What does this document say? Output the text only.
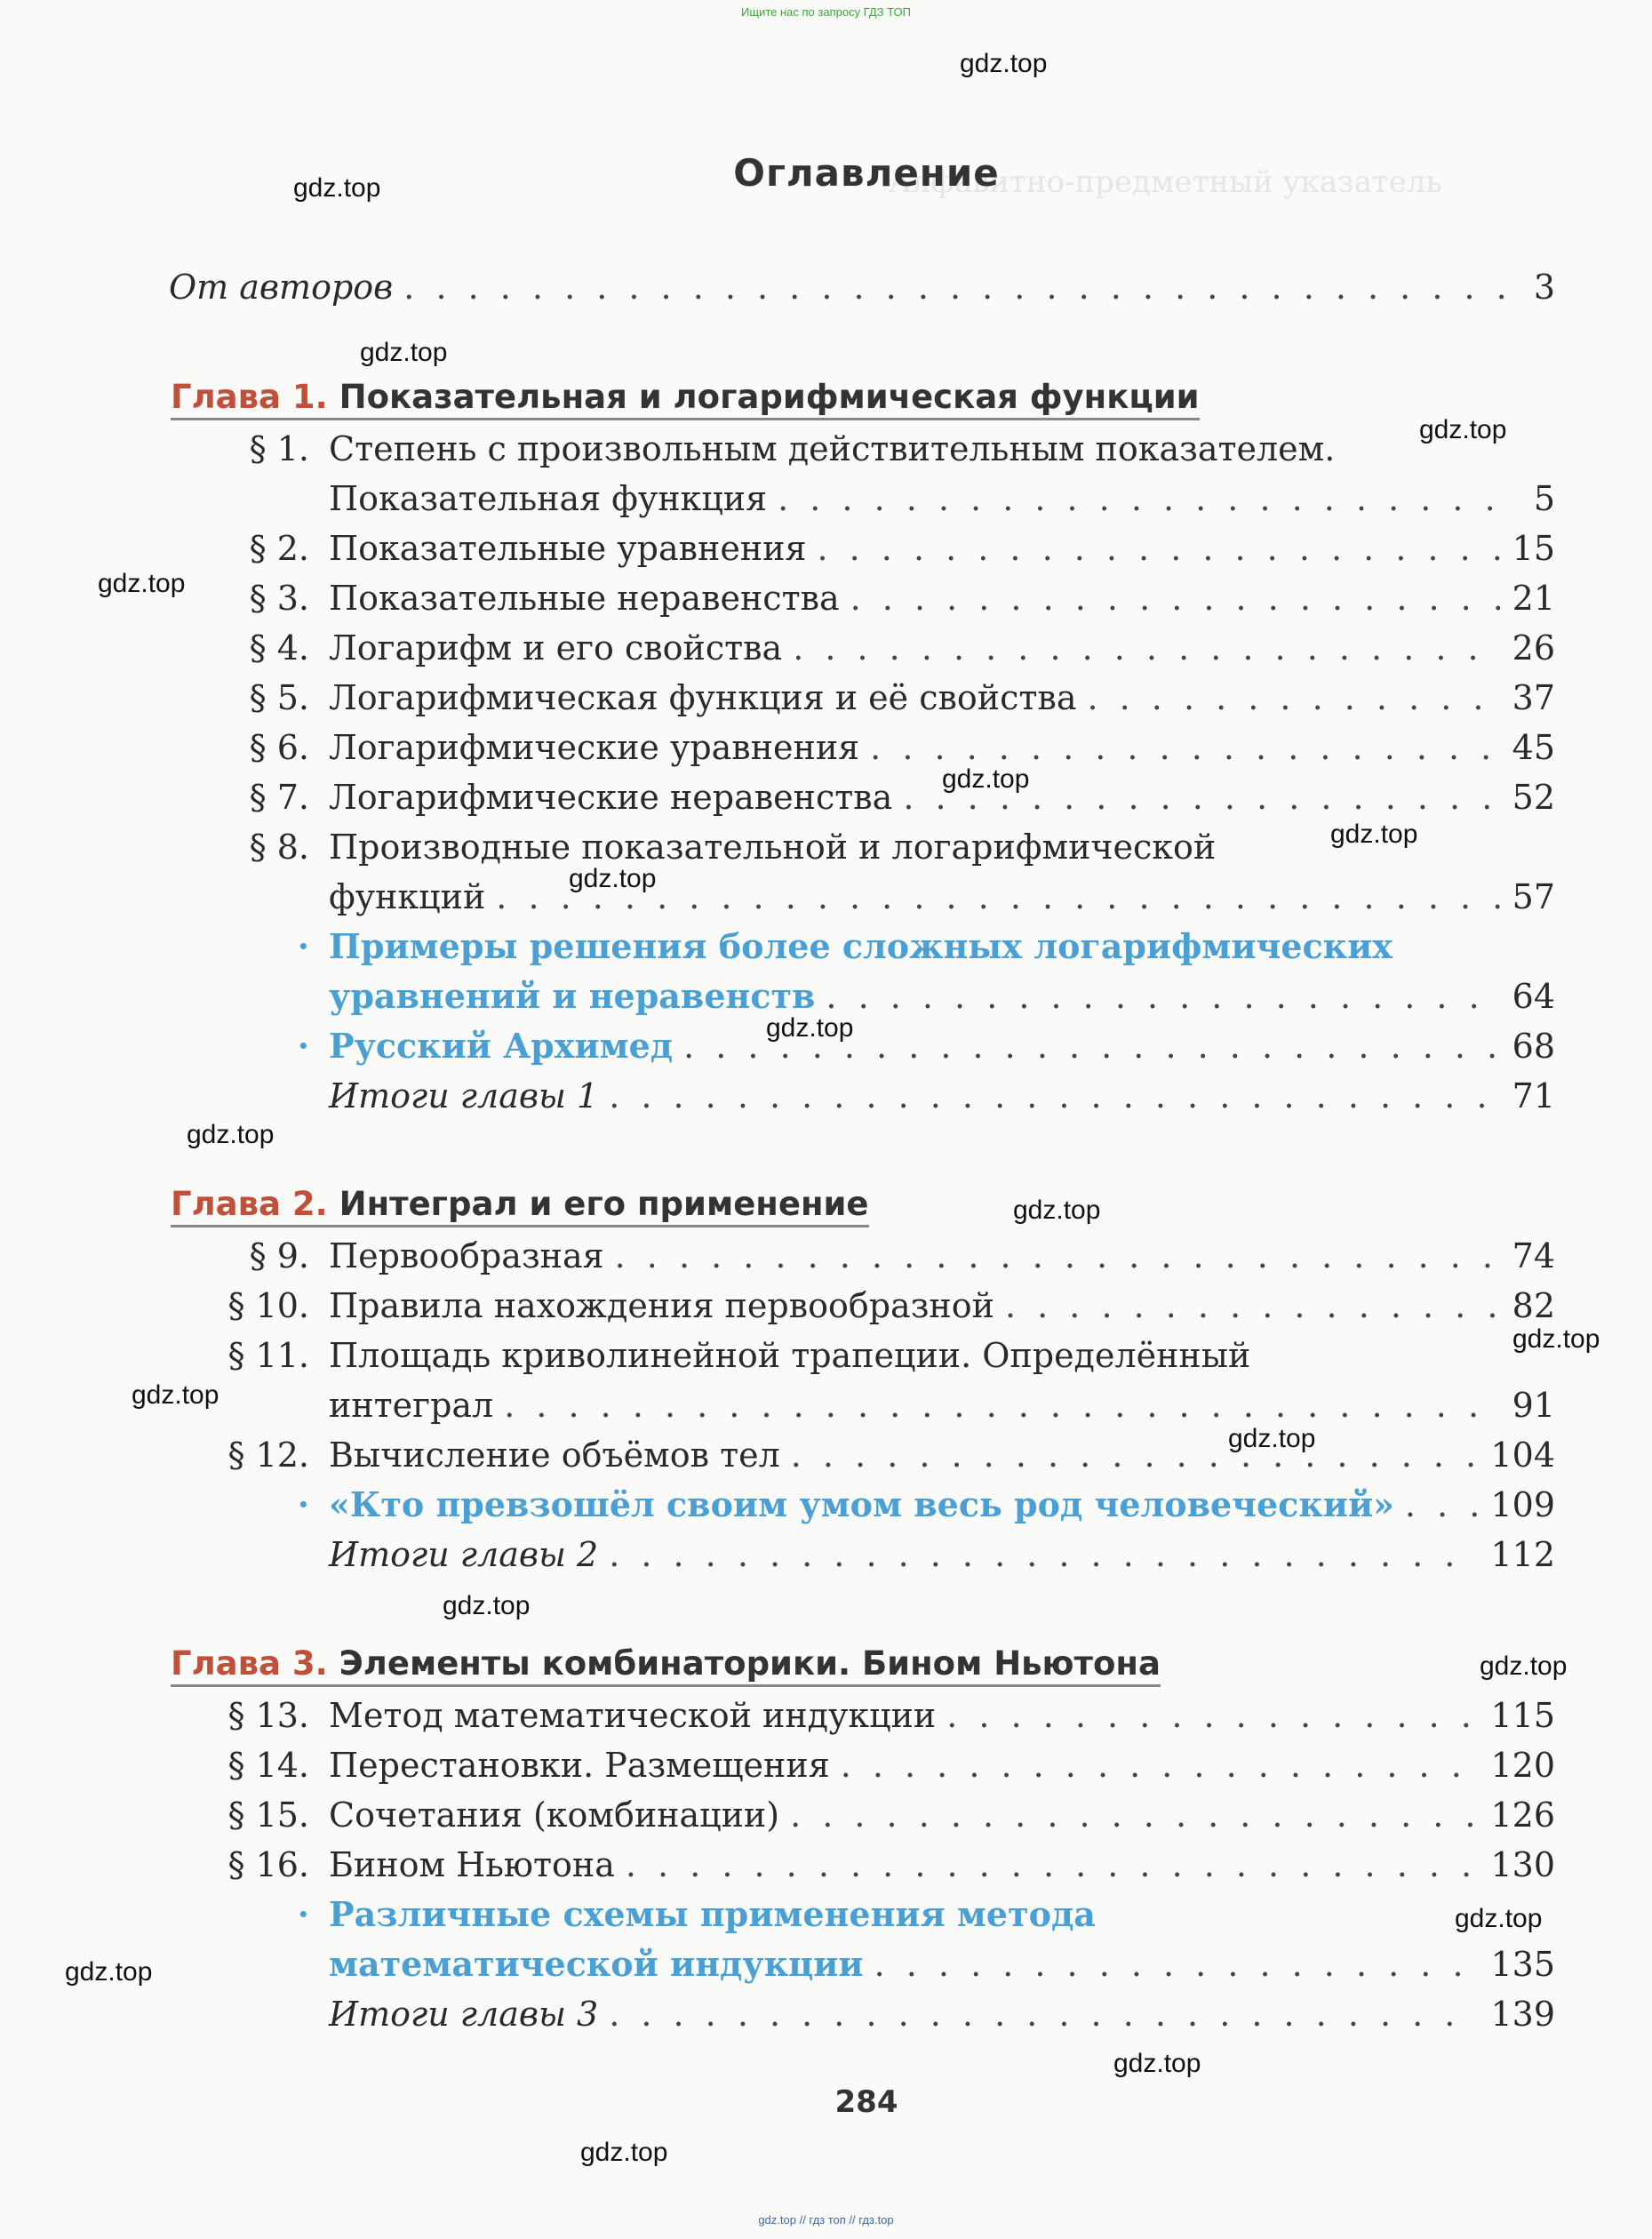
Алфавитно-предметный указатель
Ищите нас по запросу ГДЗ ТОП
gdz.top
gdz.top
gdz.top
gdz.top
gdz.top
gdz.top
gdz.top
gdz.top
gdz.top
gdz.top
gdz.top
gdz.top
gdz.top
gdz.top
gdz.top
gdz.top
gdz.top
gdz.top
gdz.top
gdz.top
Оглавление
От авторов . . .	3
Глава 1. Показательная и логарифмическая функции
§ 1. Степень с произвольным действительным показателем.
Показательная функция . . .	5
§ 2. Показательные уравнения . . .	15
§ 3. Показательные неравенства . . .	21
§ 4. Логарифм и его свойства . . .	26
§ 5. Логарифмическая функция и её свойства . . .	37
§ 6. Логарифмические уравнения . . .	45
§ 7. Логарифмические неравенства . . .	52
§ 8. Производные показательной и логарифмической
функций . . .	57
· Примеры решения более сложных логарифмических
уравнений и неравенств . . .	64
· Русский Архимед . . .	68
Итоги главы 1 . . .	71
Глава 2. Интеграл и его применение
§ 9. Первообразная . . .	74
§ 10. Правила нахождения первообразной . . .	82
§ 11. Площадь криволинейной трапеции. Определённый
интеграл . . .	91
§ 12. Вычисление объёмов тел . . .	104
· «Кто превзошёл своим умом весь род человеческий» . . .	109
Итоги главы 2 . . .	112
Глава 3. Элементы комбинаторики. Бином Ньютона
§ 13. Метод математической индукции . . .	115
§ 14. Перестановки. Размещения . . .	120
§ 15. Сочетания (комбинации) . . .	126
§ 16. Бином Ньютона . . .	130
· Различные схемы применения метода
математической индукции . . .	135
Итоги главы 3 . . .	139
284
gdz.top // гдз топ // гдз.top
